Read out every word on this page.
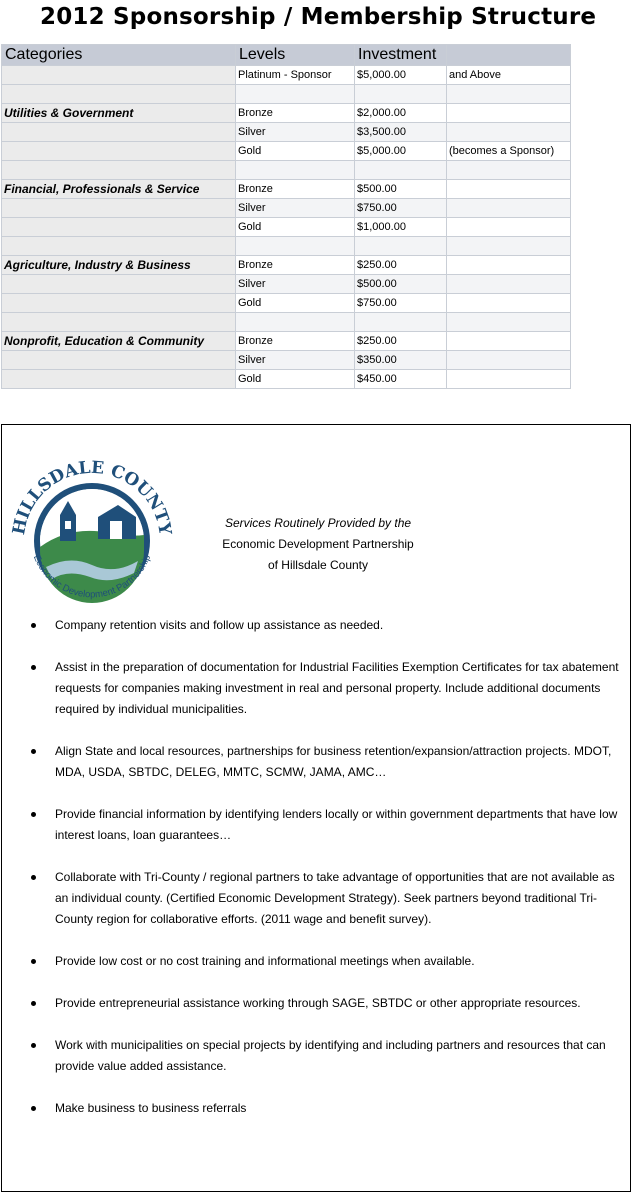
2012 Sponsorship / Membership Structure
Categories	Levels	Investment	
	Platinum - Sponsor	$5,000.00	and Above

Utilities & Government	Bronze	$2,000.00	
	Silver	$3,500.00	
	Gold	$5,000.00	(becomes a Sponsor)

Financial, Professionals & Service	Bronze	$500.00	
	Silver	$750.00	
	Gold	$1,000.00	

Agriculture, Industry & Business	Bronze	$250.00	
	Silver	$500.00	
	Gold	$750.00	

Nonprofit, Education & Community	Bronze	$250.00	
	Silver	$350.00	
	Gold	$450.00	
HILLSDALE COUNTY
Economic Development Partnership
Services Routinely Provided by the
Economic Development Partnership
of Hillsdale County
Company retention visits and follow up assistance as needed.
Assist in the preparation of documentation for Industrial Facilities Exemption Certificates for tax abatement requests for companies making investment in real and personal property. Include additional documents required by individual municipalities.
Align State and local resources, partnerships for business retention/expansion/attraction projects. MDOT, MDA, USDA, SBTDC, DELEG, MMTC, SCMW, JAMA, AMC…
Provide financial information by identifying lenders locally or within government departments that have low interest loans, loan guarantees…
Collaborate with Tri-County / regional partners to take advantage of opportunities that are not available as an individual county. (Certified Economic Development Strategy). Seek partners beyond traditional Tri-County region for collaborative efforts. (2011 wage and benefit survey).
Provide low cost or no cost training and informational meetings when available.
Provide entrepreneurial assistance working through SAGE, SBTDC or other appropriate resources.
Work with municipalities on special projects by identifying and including partners and resources that can provide value added assistance.
Make business to business referrals
